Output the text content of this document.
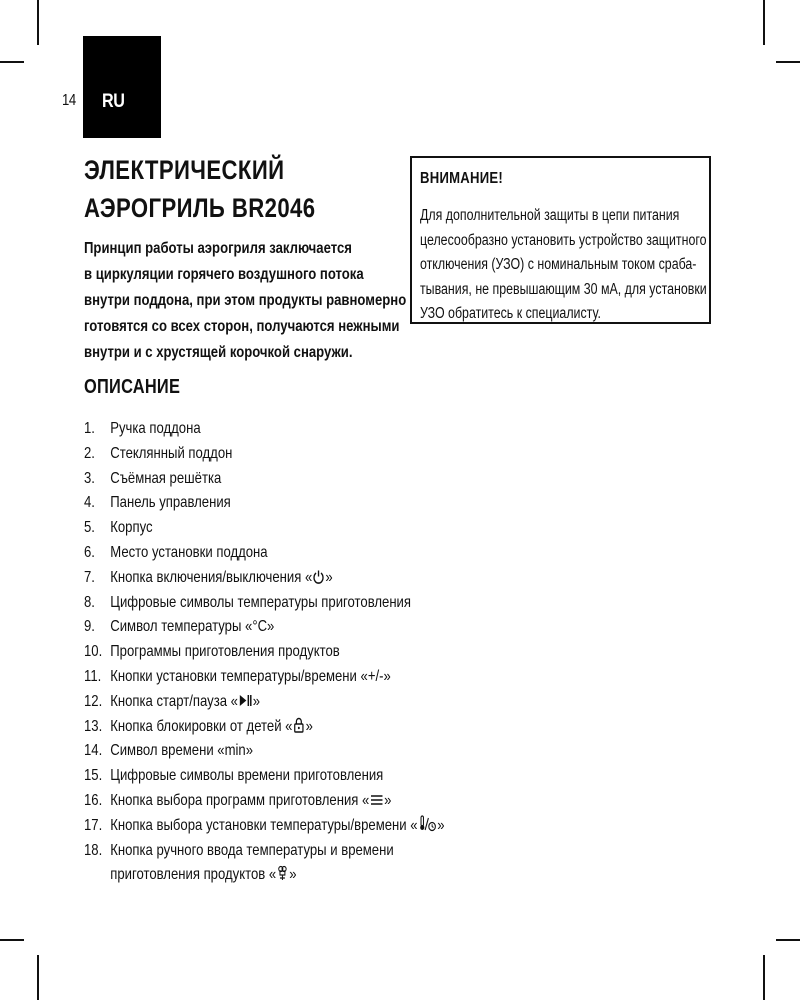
14 RU
ЭЛЕКТРИЧЕСКИЙ
АЭРОГРИЛЬ BR2046

Принцип работы аэрогриля заключается
в циркуляции горячего воздушного потока
внутри поддона, при этом продукты равномерно
готовятся со всех сторон, получаются нежными
внутри и с хрустящей корочкой снаружи.

ОПИСАНИЕ
1. Ручка поддона
2. Стеклянный поддон
3. Съёмная решётка
4. Панель управления
5. Корпус
6. Место установки поддона
7. Кнопка включения/выключения « »
8. Цифровые символы температуры приготовления
9. Символ температуры «°C»
10. Программы приготовления продуктов
11. Кнопки установки температуры/времени «+/-»
12. Кнопка старт/пауза « »
13. Кнопка блокировки от детей « »
14. Символ времени «min»
15. Цифровые символы времени приготовления
16. Кнопка выбора программ приготовления « »
17. Кнопка выбора установки температуры/времени « »
18. Кнопка ручного ввода температуры и времени
приготовления продуктов « »
ВНИМАНИЕ!

Для дополнительной защиты в цепи питания
целесообразно установить устройство защитного
отключения (УЗО) с номинальным током сраба-
тывания, не превышающим 30 мА, для установки
УЗО обратитесь к специалисту.
